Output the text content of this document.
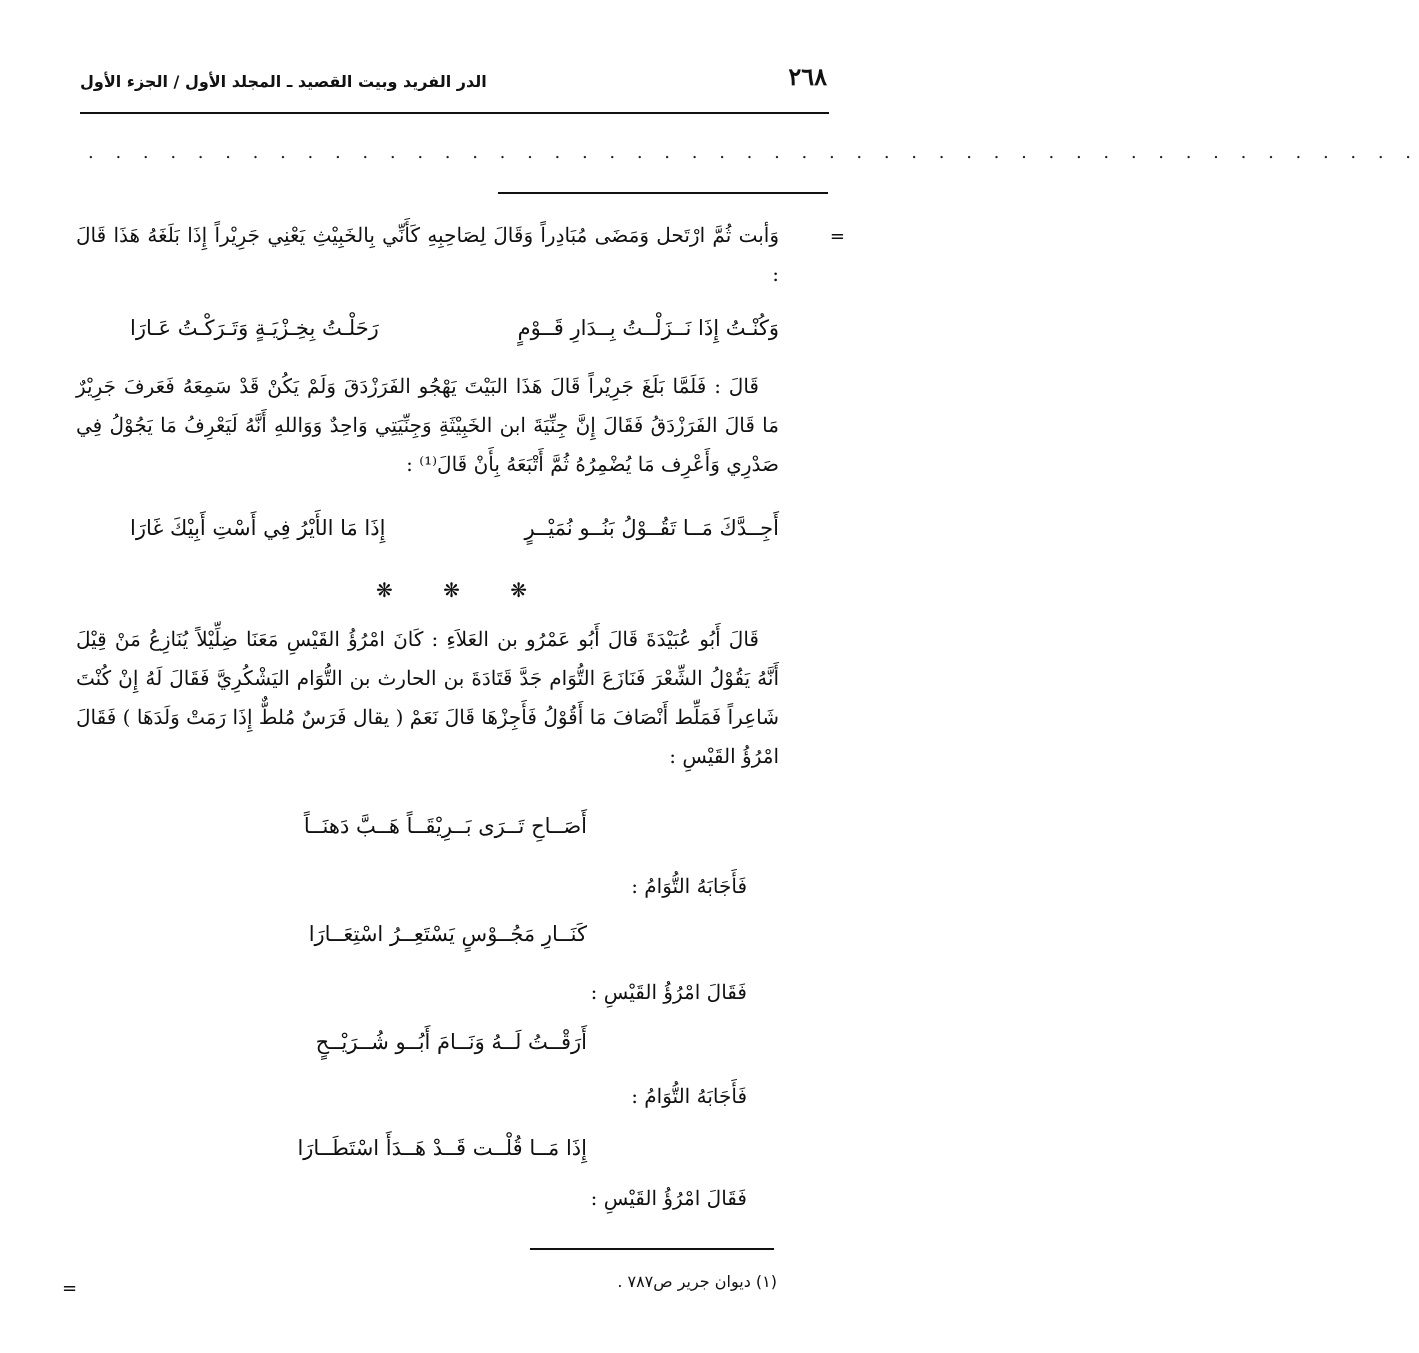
٢٦٨
الدر الفريد وبيت القصيد ـ المجلد الأول / الجزء الأول
. . . . . . . . . . . . . . . . . . . . . . . . . . . . . . . . . . . . . . . . . . . . . . . . .
=

وَأبت ثُمَّ ارْتَحل وَمَضَى مُبَادِراً وَقَالَ لِصَاحِبِهِ كَأَنِّي بِالخَبِيْثِ يَعْنِي جَرِيْراً إِذَا بَلَغَهُ هَذَا قَالَ :

وَكُنْـتُ إِذَا نَــزَلْــتُ بِــدَارِ قَــوْمٍ
رَحَلْـتُ بِخِـزْيَـةٍ وَتَـرَكْـتُ عَـارَا

قَالَ : فَلَمَّا بَلَغَ جَرِيْراً قَالَ هَذَا البَيْتَ يَهْجُو الفَرَزْدَقَ وَلَمْ يَكُنْ قَدْ سَمِعَهُ فَعَرفَ جَرِيْرٌ مَا قَالَ الفَرَزْدَقُ فَقَالَ إِنَّ جِنِّيَةَ ابن الخَبِيْثَةِ وَجِنِّيَتِي وَاحِدٌ وَوَاللهِ أَنَّهُ لَيَعْرِفُ مَا يَجُوْلُ فِي صَدْرِي وَأَعْرِف مَا يُضْمِرُهُ ثُمَّ أَتْبَعَهُ بِأَنْ قَالَ⁽¹⁾ :

أَجِــدَّكَ مَــا تَقُــوْلُ بَنُــو نُمَيْــرٍ
إِذَا مَا الأَيْرُ فِي أَسْتِ أَبِيْكَ غَارَا
❋ ❋ ❋

قَالَ أَبُو عُبَيْدَةَ قَالَ أَبُو عَمْرُو بن العَلاَءِ : كَانَ امْرُؤُ القَيْسِ مَعَنَا ضِلِّيْلاً يُنَازِعُ مَنْ قِيْلَ أَنَّهُ يَقُوْلُ الشِّعْرَ فَنَازَعَ التُّوَام جَدَّ قَتَادَةَ بن الحارث بن التُّوَام اليَشْكُرِيَّ فَقَالَ لَهُ إِنْ كُنْتَ شَاعِراً فَمَلِّط أَنْصَافَ مَا أَقُوْلُ فَأَجِزْهَا قَالَ نَعَمْ ( يقال فَرَسٌ مُلطٌّ إِذَا رَمَتْ وَلَدَهَا ) فَقَالَ امْرُؤُ القَيْسِ :

أَصَــاحِ تَــرَى بَــرِيْقَــاً هَــبَّ دَهنَــاً
فَأَجَابَهُ التُّوَامُ :
كَنَــارِ مَجُــوْسٍ يَسْتَعِــرُ اسْتِعَــارَا
فَقَالَ امْرُؤُ القَيْسِ :
أَرَقْــتُ لَــهُ وَنَــامَ أَبُــو شُــرَيْــحٍ
فَأَجَابَهُ التُّوَامُ :
إِذَا مَــا قُلْــت قَــدْ هَــدَأَ اسْتَطَــارَا
فَقَالَ امْرُؤُ القَيْسِ :
(١) ديوان جرير ص٧٨٧ .
=
